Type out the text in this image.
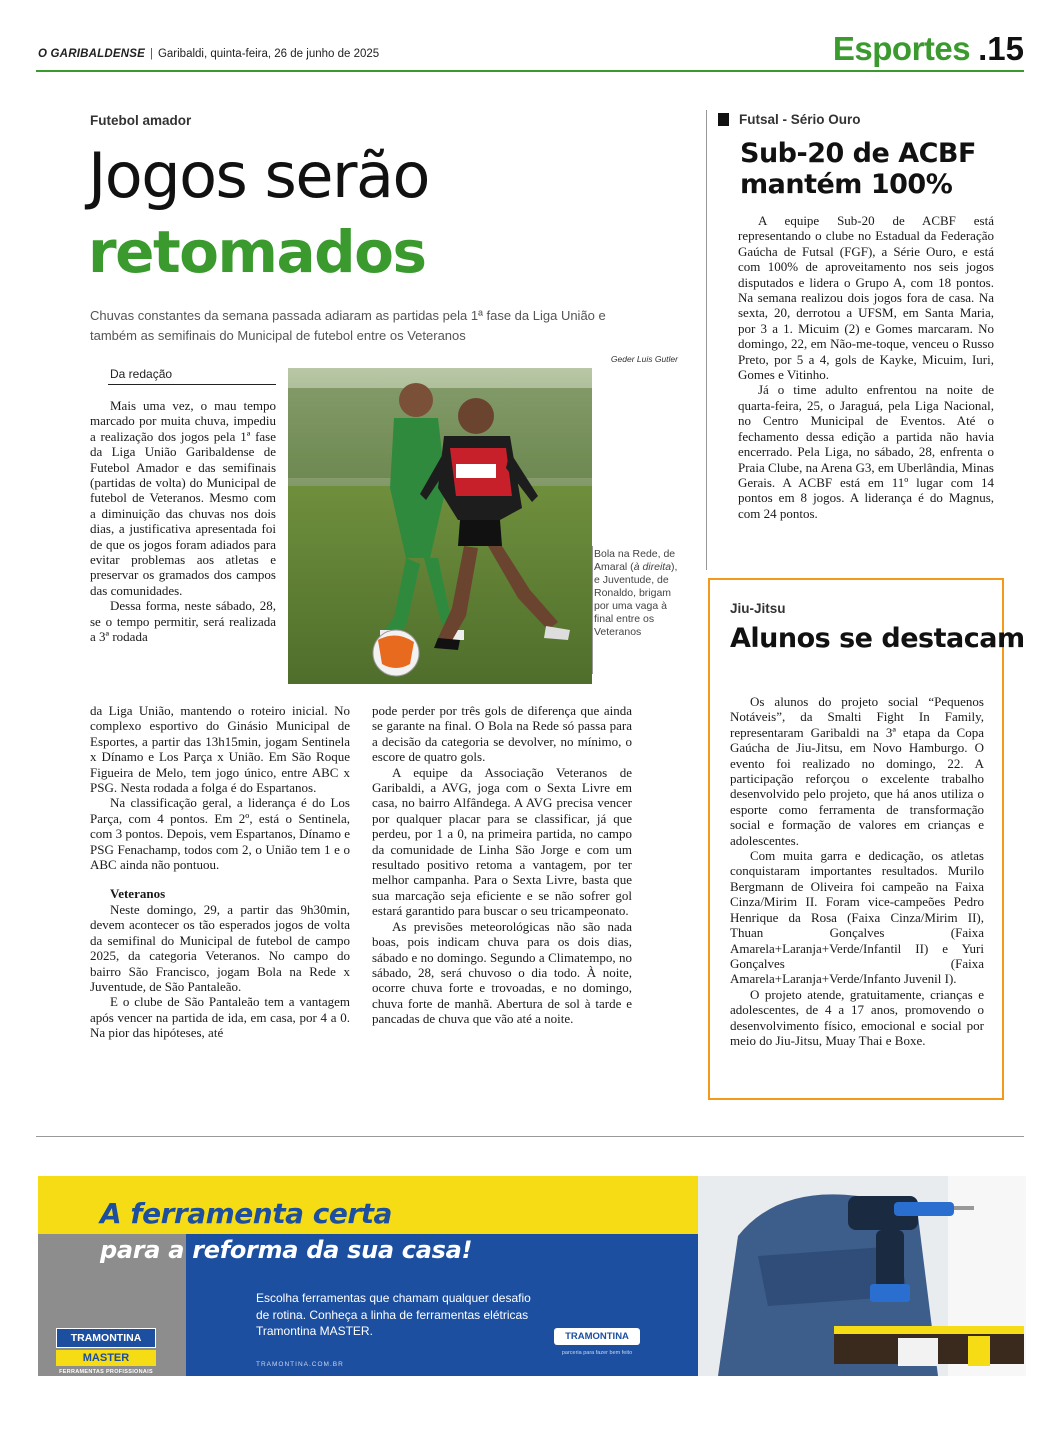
O GARIBALDENSE | Garibaldi, quinta-feira, 26 de junho de 2025	Esportes .15
Futebol amador
Jogos serão
retomados
Chuvas constantes da semana passada adiaram as partidas pela 1ª fase da Liga União e também as semifinais do Municipal de futebol entre os Veteranos
Da redação
Geder Luis Gutler

Mais uma vez, o mau tempo marcado por muita chuva, impediu a realização dos jogos pela 1ª fase da Liga União Garibaldense de Futebol Amador e das semifinais (partidas de volta) do Municipal de futebol de Veteranos. Mesmo com a diminuição das chuvas nos dois dias, a justificativa apresentada foi de que os jogos foram adiados para evitar problemas aos atletas e preservar os gramados dos campos das comunidades.

Dessa forma, neste sábado, 28, se o tempo permitir, será realizada a 3ª rodada

Bola na Rede, de Amaral (à direita), e Juventude, de Ronaldo, brigam por uma vaga à final entre os Veteranos

da Liga União, mantendo o roteiro inicial. No complexo esportivo do Ginásio Municipal de Esportes, a partir das 13h15min, jogam Sentinela x Dínamo e Los Parça x União. Em São Roque Figueira de Melo, tem jogo único, entre ABC x PSG. Nesta rodada a folga é do Espartanos.

Na classificação geral, a liderança é do Los Parça, com 4 pontos. Em 2º, está o Sentinela, com 3 pontos. Depois, vem Espartanos, Dínamo e PSG Fenachamp, todos com 2, o União tem 1 e o ABC ainda não pontuou.

Veteranos

Neste domingo, 29, a partir das 9h30min, devem acontecer os tão esperados jogos de volta da semifinal do Municipal de futebol de campo 2025, da categoria Veteranos. No campo do bairro São Francisco, jogam Bola na Rede x Juventude, de São Pantaleão.

E o clube de São Pantaleão tem a vantagem após vencer na partida de ida, em casa, por 4 a 0. Na pior das hipóteses, até

pode perder por três gols de diferença que ainda se garante na final. O Bola na Rede só passa para a decisão da categoria se devolver, no mínimo, o escore de quatro gols.

A equipe da Associação Veteranos de Garibaldi, a AVG, joga com o Sexta Livre em casa, no bairro Alfândega. A AVG precisa vencer por qualquer placar para se classificar, já que perdeu, por 1 a 0, na primeira partida, no campo da comunidade de Linha São Jorge e com um resultado positivo retoma a vantagem, por ter melhor campanha. Para o Sexta Livre, basta que sua marcação seja eficiente e se não sofrer gol estará garantido para buscar o seu tricampeonato.

As previsões meteorológicas não são nada boas, pois indicam chuva para os dois dias, sábado e no domingo. Segundo a Climatempo, no sábado, 28, será chuvoso o dia todo. À noite, ocorre chuva forte e trovoadas, e no domingo, chuva forte de manhã. Abertura de sol à tarde e pancadas de chuva que vão até a noite.

Futsal - Sério Ouro
Sub-20 de ACBF mantém 100%

A equipe Sub-20 de ACBF está representando o clube no Estadual da Federação Gaúcha de Futsal (FGF), a Série Ouro, e está com 100% de aproveitamento nos seis jogos disputados e lidera o Grupo A, com 18 pontos. Na semana realizou dois jogos fora de casa. Na sexta, 20, derrotou a UFSM, em Santa Maria, por 3 a 1. Micuim (2) e Gomes marcaram. No domingo, 22, em Não-me-toque, venceu o Russo Preto, por 5 a 4, gols de Kayke, Micuim, Iuri, Gomes e Vitinho.

Já o time adulto enfrentou na noite de quarta-feira, 25, o Jaraguá, pela Liga Nacional, no Centro Municipal de Eventos. Até o fechamento dessa edição a partida não havia encerrado. Pela Liga, no sábado, 28, enfrenta o Praia Clube, na Arena G3, em Uberlândia, Minas Gerais. A ACBF está em 11º lugar com 14 pontos em 8 jogos. A liderança é do Magnus, com 24 pontos.

Jiu-Jitsu
Alunos se destacam

Os alunos do projeto social “Pequenos Notáveis”, da Smalti Fight In Family, representaram Garibaldi na 3ª etapa da Copa Gaúcha de Jiu-Jitsu, em Novo Hamburgo. O evento foi realizado no domingo, 22. A participação reforçou o excelente trabalho desenvolvido pelo projeto, que há anos utiliza o esporte como ferramenta de transformação social e formação de valores em crianças e adolescentes.

Com muita garra e dedicação, os atletas conquistaram importantes resultados. Murilo Bergmann de Oliveira foi campeão na Faixa Cinza/Mirim II. Foram vice-campeões Pedro Henrique da Rosa (Faixa Cinza/Mirim II), Thuan Gonçalves (Faixa Amarela+Laranja+Verde/Infantil II) e Yuri Gonçalves (Faixa Amarela+Laranja+Verde/Infanto Juvenil I).

O projeto atende, gratuitamente, crianças e adolescentes, de 4 a 17 anos, promovendo o desenvolvimento físico, emocional e social por meio do Jiu-Jitsu, Muay Thai e Boxe.

A ferramenta certa
para a reforma da sua casa!
Escolha ferramentas que chamam qualquer desafio de rotina. Conheça a linha de ferramentas elétricas Tramontina MASTER.
TRAMONTINA.COM.BR
TRAMONTINA
MASTER
FERRAMENTAS PROFISSIONAIS
TRAMONTINA
parceria para fazer bem feito
